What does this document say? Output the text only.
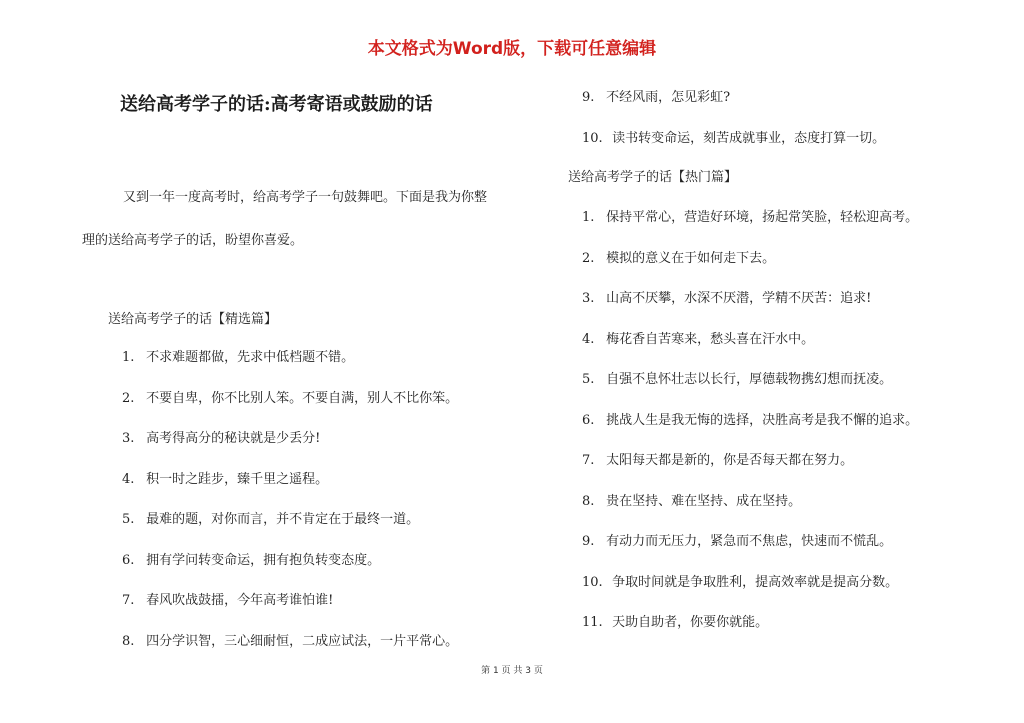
本文格式为Word版，下载可任意编辑
送给高考学子的话:高考寄语或鼓励的话
又到一年一度高考时，给高考学子一句鼓舞吧。下面是我为你整
理的送给高考学子的话，盼望你喜爱。
送给高考学子的话【精选篇】
1. 不求难题都做，先求中低档题不错。
2. 不要自卑，你不比别人笨。不要自满，别人不比你笨。
3. 高考得高分的秘诀就是少丢分!
4. 积一时之跬步，臻千里之遥程。
5. 最难的题，对你而言，并不肯定在于最终一道。
6. 拥有学问转变命运，拥有抱负转变态度。
7. 春风吹战鼓擂，今年高考谁怕谁!
8. 四分学识智，三心细耐恒，二成应试法，一片平常心。
9. 不经风雨，怎见彩虹?
10. 读书转变命运，刻苦成就事业，态度打算一切。
送给高考学子的话【热门篇】
1. 保持平常心，营造好环境，扬起常笑脸，轻松迎高考。
2. 模拟的意义在于如何走下去。
3. 山高不厌攀，水深不厌潜，学精不厌苦：追求!
4. 梅花香自苦寒来，愁头喜在汗水中。
5. 自强不息怀壮志以长行，厚德载物携幻想而抚凌。
6. 挑战人生是我无悔的选择，决胜高考是我不懈的追求。
7. 太阳每天都是新的，你是否每天都在努力。
8. 贵在坚持、难在坚持、成在坚持。
9. 有动力而无压力，紧急而不焦虑，快速而不慌乱。
10. 争取时间就是争取胜利，提高效率就是提高分数。
11. 天助自助者，你要你就能。
第 1 页 共 3 页
